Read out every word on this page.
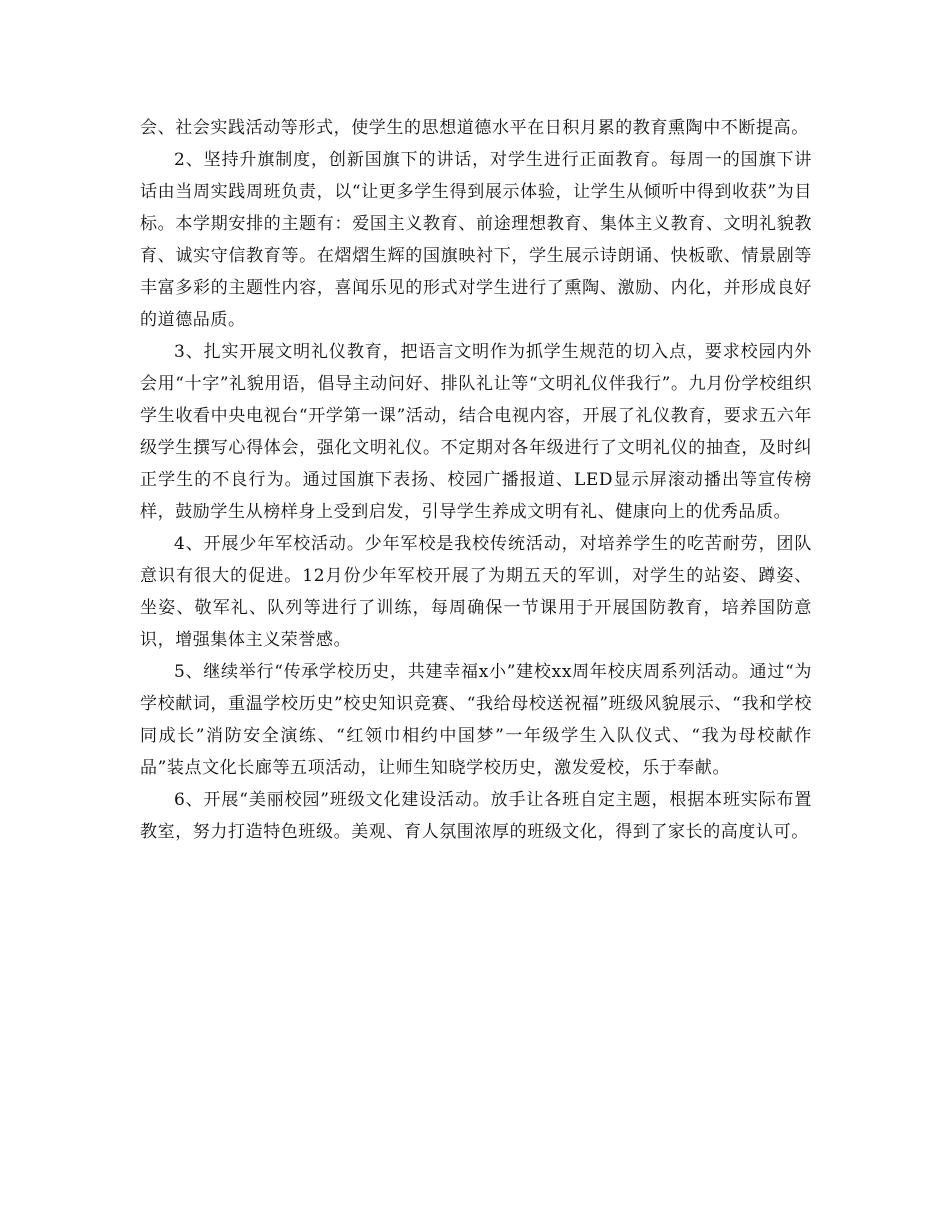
会、社会实践活动等形式，使学生的思想道德水平在日积月累的教育熏陶中不断提高。

2、坚持升旗制度，创新国旗下的讲话，对学生进行正面教育。每周一的国旗下讲话由当周实践周班负责，以“让更多学生得到展示体验，让学生从倾听中得到收获”为目标。本学期安排的主题有：爱国主义教育、前途理想教育、集体主义教育、文明礼貌教育、诚实守信教育等。在熠熠生辉的国旗映衬下，学生展示诗朗诵、快板歌、情景剧等丰富多彩的主题性内容，喜闻乐见的形式对学生进行了熏陶、激励、内化，并形成良好的道德品质。

3、扎实开展文明礼仪教育，把语言文明作为抓学生规范的切入点，要求校园内外会用“十字”礼貌用语，倡导主动问好、排队礼让等“文明礼仪伴我行”。九月份学校组织学生收看中央电视台“开学第一课”活动，结合电视内容，开展了礼仪教育，要求五六年级学生撰写心得体会，强化文明礼仪。不定期对各年级进行了文明礼仪的抽查，及时纠正学生的不良行为。通过国旗下表扬、校园广播报道、LED显示屏滚动播出等宣传榜样，鼓励学生从榜样身上受到启发，引导学生养成文明有礼、健康向上的优秀品质。

4、开展少年军校活动。少年军校是我校传统活动，对培养学生的吃苦耐劳，团队意识有很大的促进。12月份少年军校开展了为期五天的军训，对学生的站姿、蹲姿、坐姿、敬军礼、队列等进行了训练，每周确保一节课用于开展国防教育，培养国防意识，增强集体主义荣誉感。

5、继续举行“传承学校历史，共建幸福x小”建校xx周年校庆周系列活动。通过“为学校献词，重温学校历史”校史知识竞赛、“我给母校送祝福”班级风貌展示、“我和学校同成长”消防安全演练、“红领巾相约中国梦”一年级学生入队仪式、“我为母校献作品”装点文化长廊等五项活动，让师生知晓学校历史，激发爱校，乐于奉献。

6、开展“美丽校园”班级文化建设活动。放手让各班自定主题，根据本班实际布置教室，努力打造特色班级。美观、育人氛围浓厚的班级文化，得到了家长的高度认可。
